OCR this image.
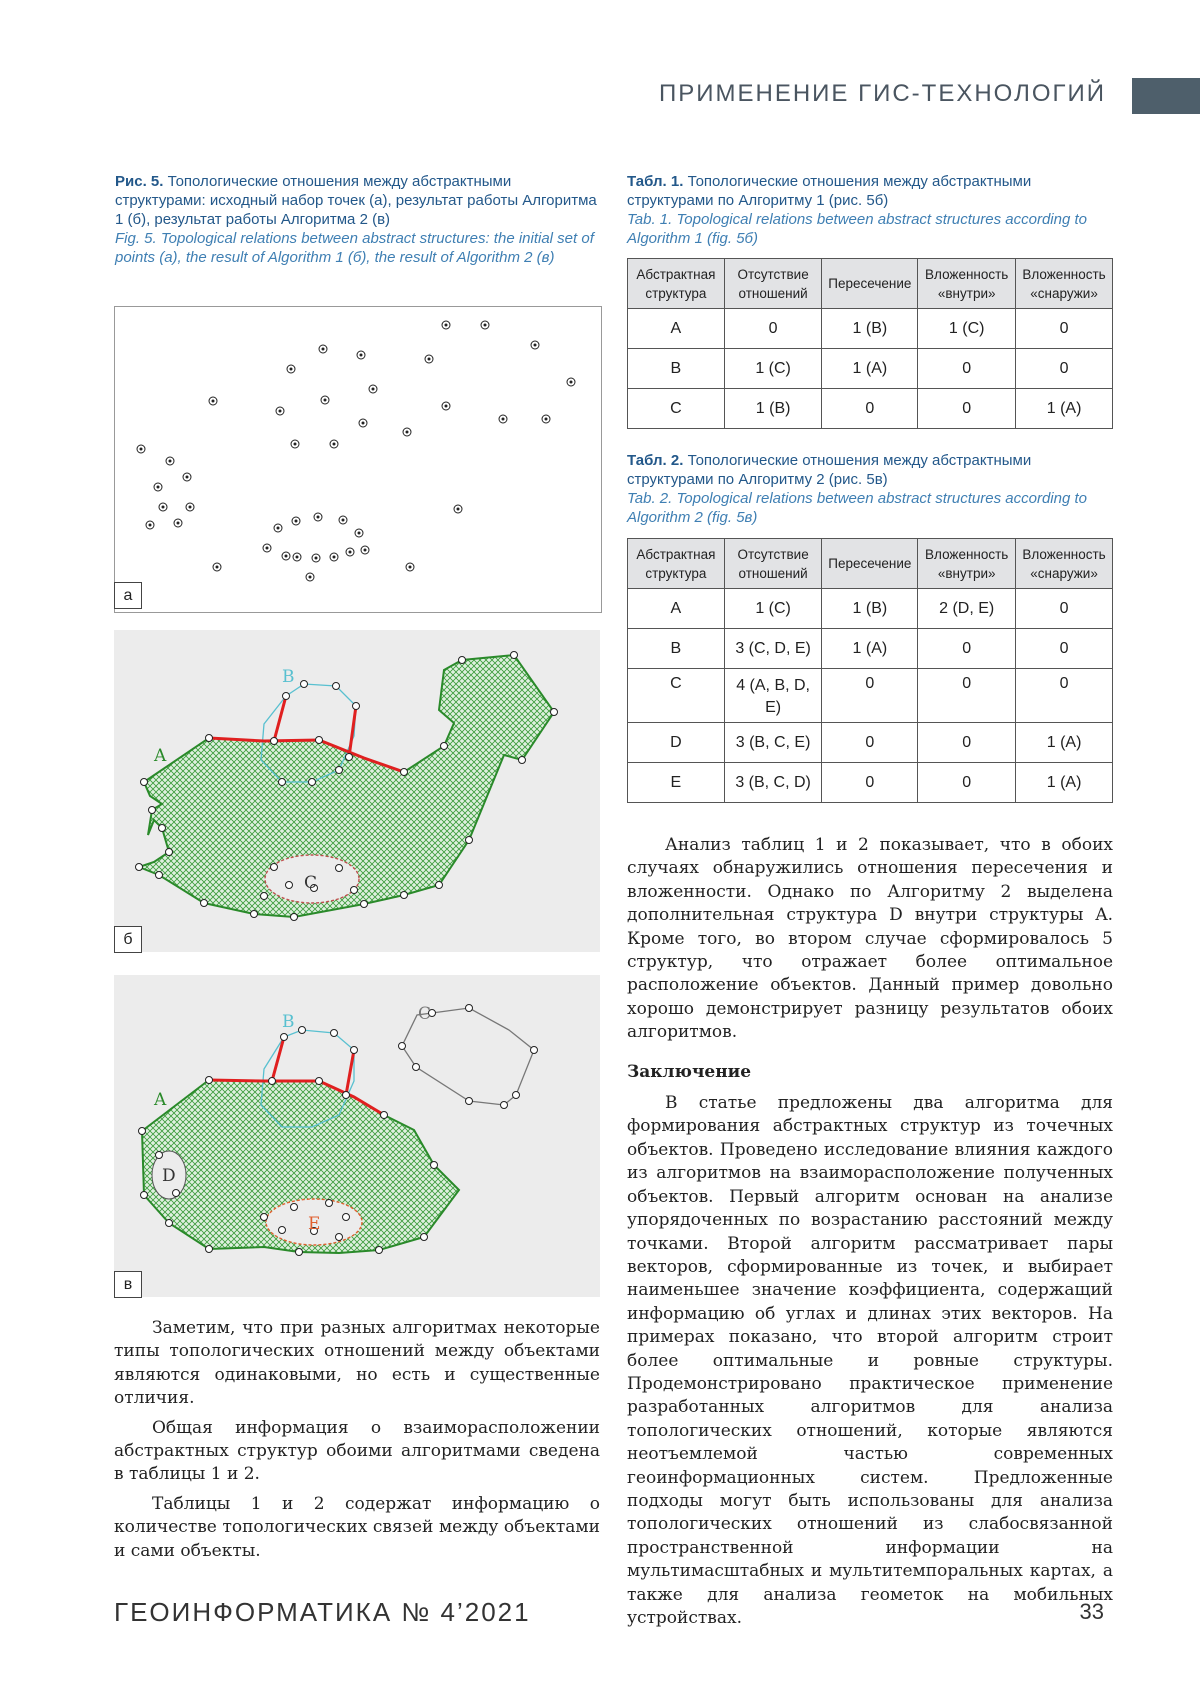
ПРИМЕНЕНИЕ ГИС-ТЕХНОЛОГИЙ
Рис. 5. Топологические отношения между абстрактными структурами: исходный набор точек (а), результат работы Алгоритма 1 (б), результат работы Алгоритма 2 (в)
Fig. 5. Topological relations between abstract structures: the initial set of points (a), the result of Algorithm 1 (б), the result of Algorithm 2 (в)
а
A
B
C
б
A
B	C
D
E
в

Заметим, что при разных алгоритмах некоторые типы топологических отношений между объектами являются одинаковыми, но есть и существенные отличия.

Общая информация о взаиморасположении абстрактных структур обоими алгоритмами сведена в таблицы 1 и 2.

Таблицы 1 и 2 содержат информацию о количестве топологических связей между объектами и сами объекты.

Табл. 1. Топологические отношения между абстрактными структурами по Алгоритму 1 (рис. 5б)
Tab. 1. Topological relations between abstract structures according to Algorithm 1 (fig. 5б)
Абстрактная структура	Отсутствие отношений	Пересечение	Вложенность «внутри»	Вложенность «снаружи»
A	0	1 (B)	1 (C)	0
B	1 (C)	1 (A)	0	0
C	1 (B)	0	0	1 (A)
Табл. 2. Топологические отношения между абстрактными структурами по Алгоритму 2 (рис. 5в)
Tab. 2. Topological relations between abstract structures according to Algorithm 2 (fig. 5в)
Абстрактная структура	Отсутствие отношений	Пересечение	Вложенность «внутри»	Вложенность «снаружи»
A	1 (C)	1 (B)	2 (D, E)	0
B	3 (C, D, E)	1 (A)	0	0
C	4 (A, B, D, E)	0	0	0
D	3 (B, C, E)	0	0	1 (A)
E	3 (B, C, D)	0	0	1 (A)

Анализ таблиц 1 и 2 показывает, что в обоих случаях обнаружились отношения пересечения и вложенности. Однако по Алгоритму 2 выделена дополнительная структура D внутри структуры A. Кроме того, во втором случае сформировалось 5 структур, что отражает более оптимальное расположение объектов. Данный пример довольно хорошо демонстрирует разницу результатов обоих алгоритмов.

Заключение

В статье предложены два алгоритма для формирования абстрактных структур из точечных объектов. Проведено исследование влияния каждого из алгоритмов на взаиморасположение полученных объектов. Первый алгоритм основан на анализе упорядоченных по возрастанию расстояний между точками. Второй алгоритм рассматривает пары векторов, сформированные из точек, и выбирает наименьшее значение коэффициента, содержащий информацию об углах и длинах этих векторов. На примерах показано, что второй алгоритм строит более оптимальные и ровные структуры. Продемонстрировано практическое применение разработанных алгоритмов для анализа топологических отношений, которые являются неотъемлемой частью современных геоинформационных систем. Предложенные подходы могут быть использованы для анализа топологических отношений из слабосвязанной пространственной информации на мультимасштабных и мультитемпоральных картах, а также для анализа геометок на мобильных устройствах.

ГЕОИНФОРМАТИКА № 4’2021	33
